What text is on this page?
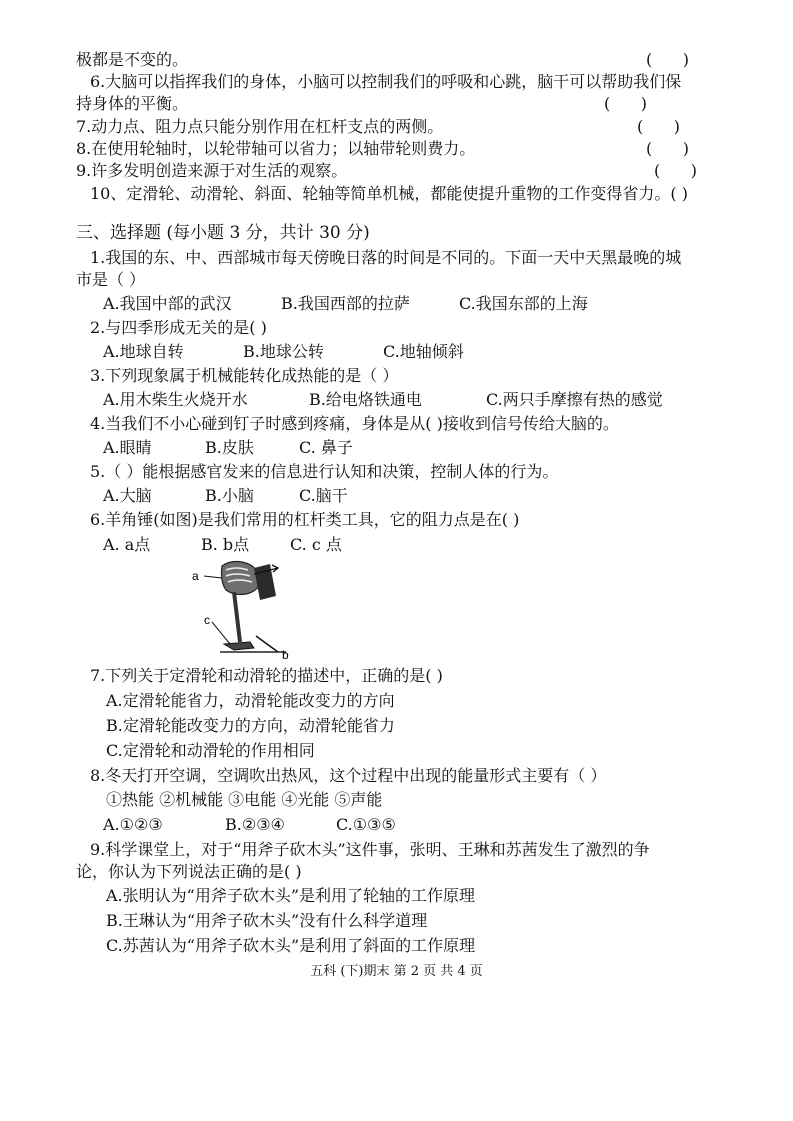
极都是不变的。	(      )
6.大脑可以指挥我们的身体，小脑可以控制我们的呼吸和心跳，脑干可以帮助我们保
持身体的平衡。	(      )
7.动力点、阻力点只能分别作用在杠杆支点的两侧。	(      )
8.在使用轮轴时，以轮带轴可以省力；以轴带轮则费力。	(      )
9.许多发明创造来源于对生活的观察。	(      )
10、定滑轮、动滑轮、斜面、轮轴等简单机械，都能使提升重物的工作变得省力。( )
三、选择题 (每小题 3 分，共计 30 分)
1.我国的东、中、西部城市每天傍晚日落的时间是不同的。下面一天中天黑最晚的城
市是（ ）
A.我国中部的武汉	B.我国西部的拉萨	C.我国东部的上海
2.与四季形成无关的是( )
A.地球自转	B.地球公转	C.地轴倾斜
3.下列现象属于机械能转化成热能的是（ ）
A.用木柴生火烧开水	B.给电烙铁通电	C.两只手摩擦有热的感觉
4.当我们不小心碰到钉子时感到疼痛，身体是从( )接收到信号传给大脑的。
A.眼睛	B.皮肤	C. 鼻子
5.（ ）能根据感官发来的信息进行认知和决策，控制人体的行为。
A.大脑	B.小脑	C.脑干
6.羊角锤(如图)是我们常用的杠杆类工具，它的阻力点是在( )
A. a点	B. b点	C. c 点
a
b
c
7.下列关于定滑轮和动滑轮的描述中，正确的是( )
A.定滑轮能省力，动滑轮能改变力的方向
B.定滑轮能改变力的方向，动滑轮能省力
C.定滑轮和动滑轮的作用相同
8.冬天打开空调，空调吹出热风，这个过程中出现的能量形式主要有（ ）
①热能 ②机械能 ③电能 ④光能 ⑤声能
A.①②③	B.②③④	C.①③⑤
9.科学课堂上，对于“用斧子砍木头”这件事，张明、王琳和苏茜发生了激烈的争
论，你认为下列说法正确的是( )
A.张明认为“用斧子砍木头”是利用了轮轴的工作原理
B.王琳认为“用斧子砍木头”没有什么科学道理
C.苏茜认为“用斧子砍木头”是利用了斜面的工作原理
五科 (下)期末 第 2 页 共 4 页
